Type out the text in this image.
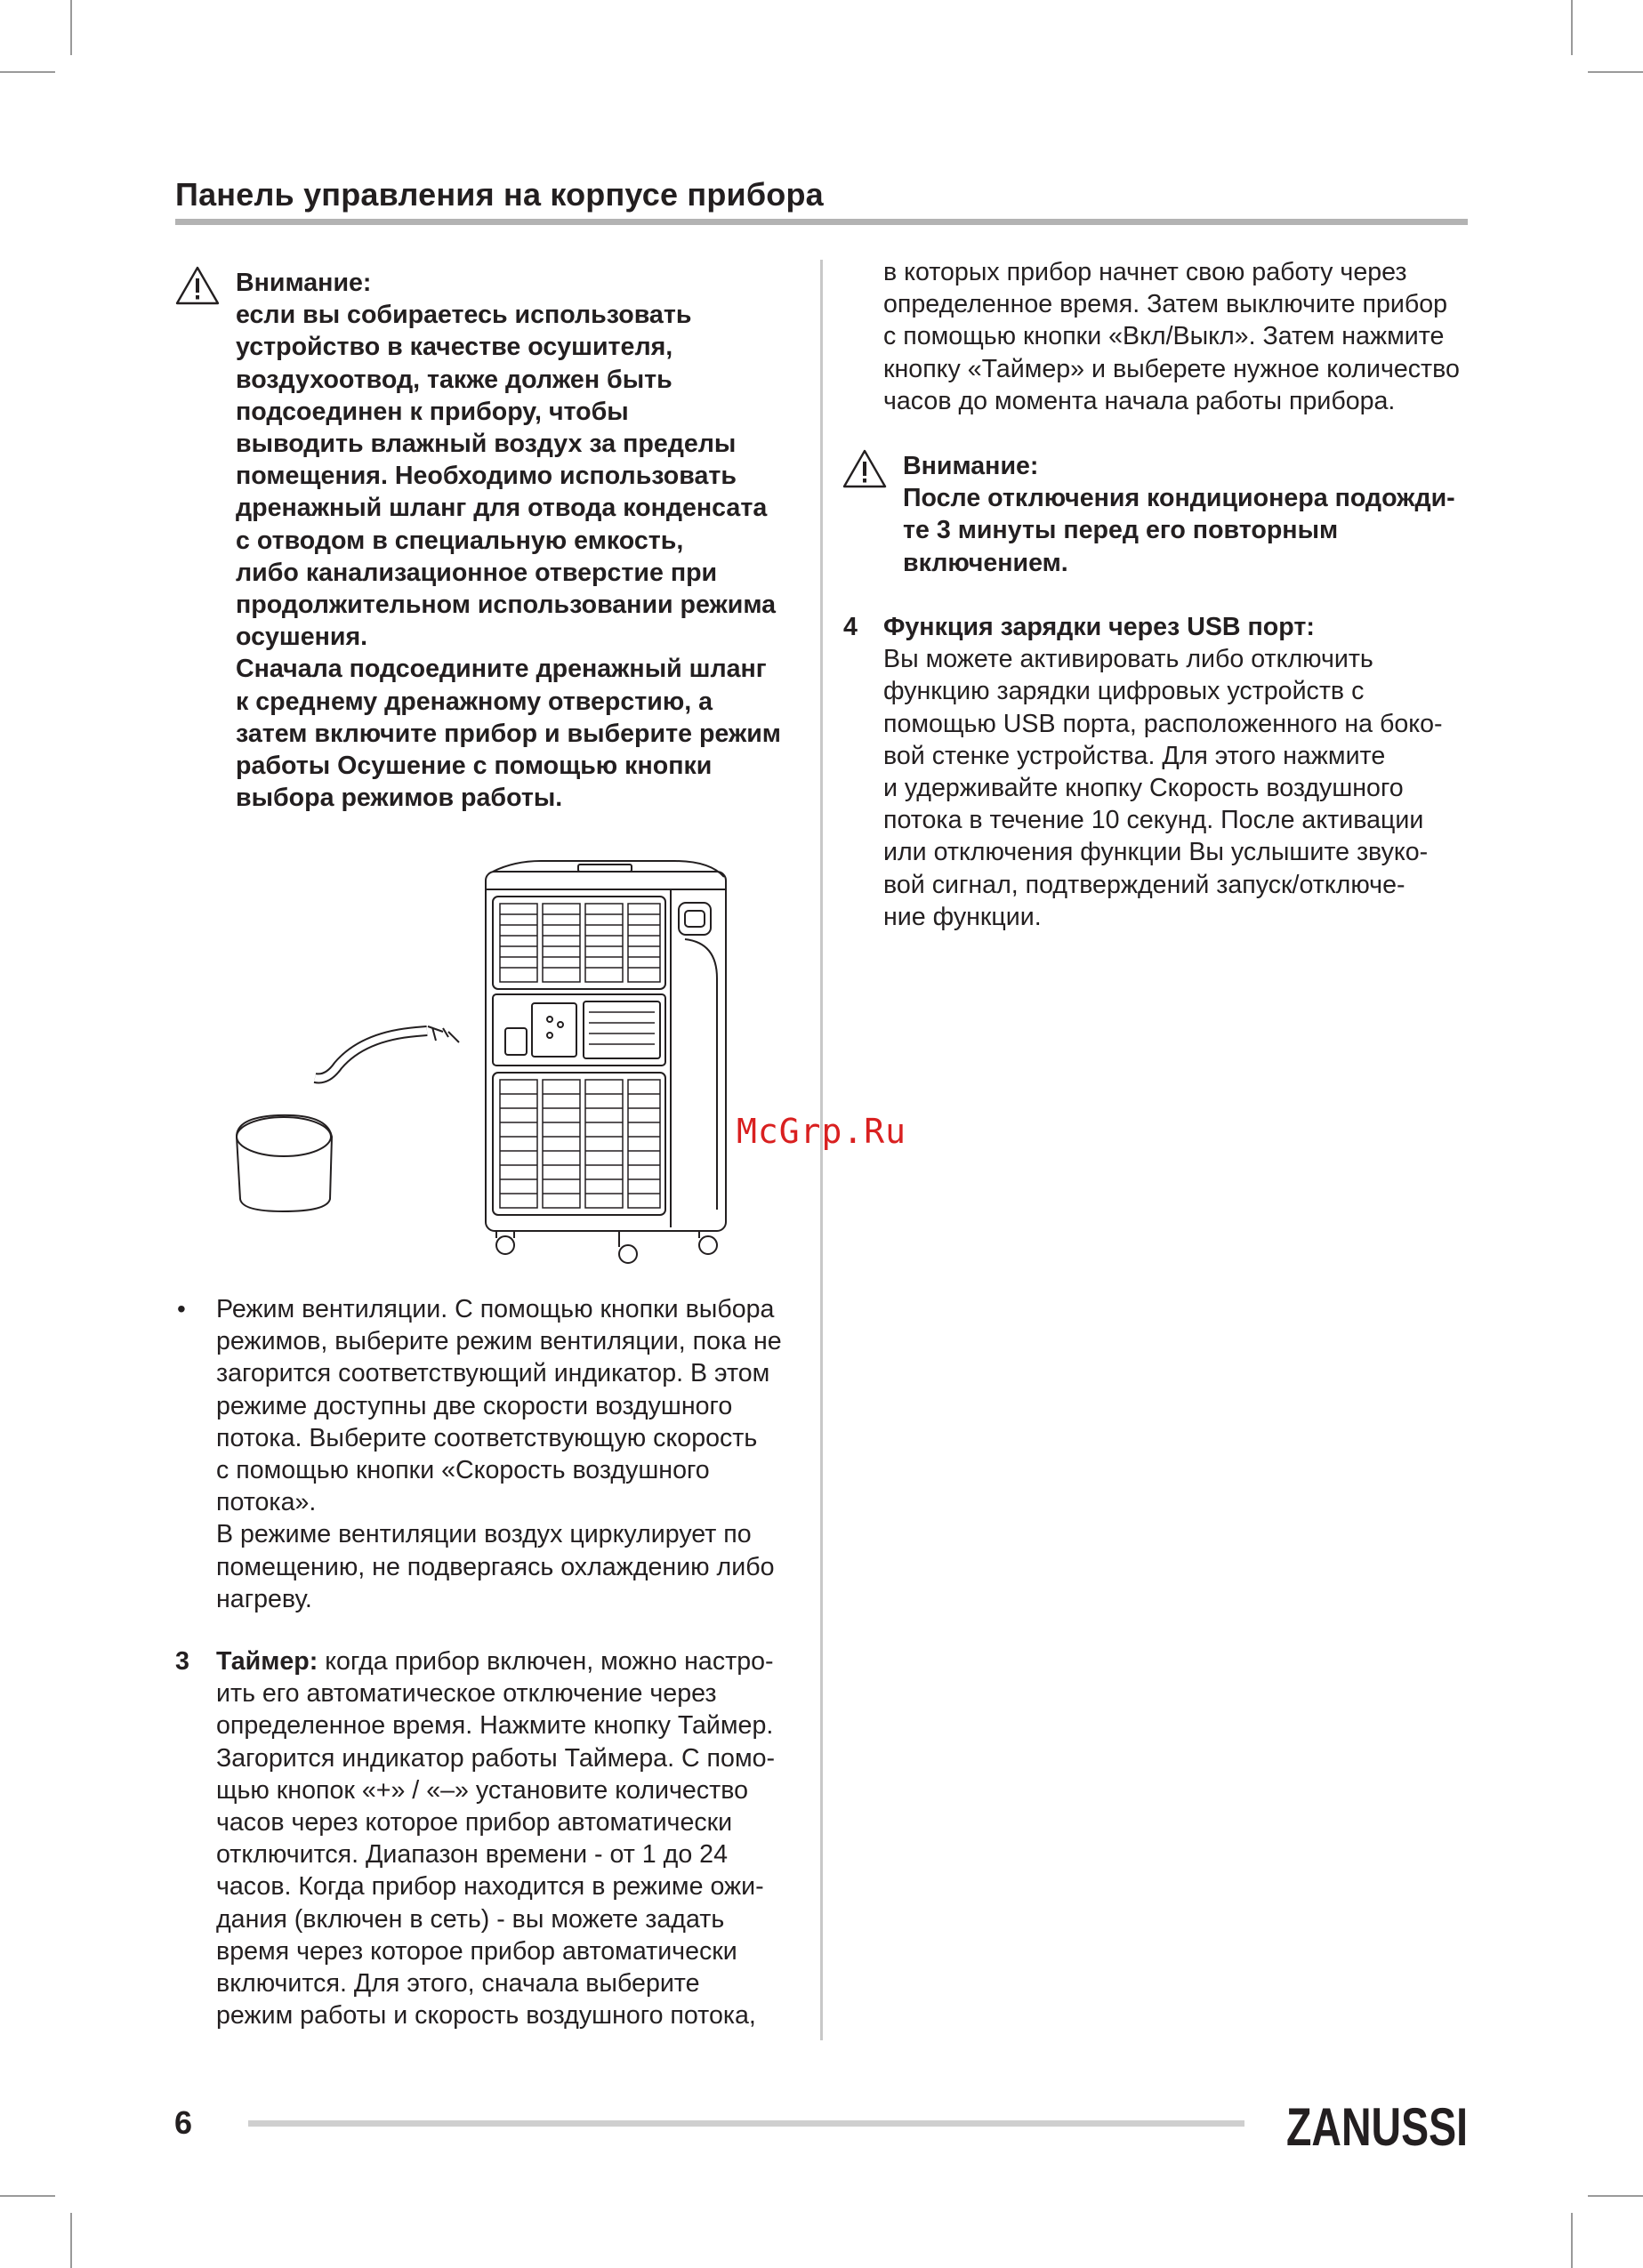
Панель управления на корпусе прибора
Внимание:
если вы собираетесь использовать
устройство в качестве осушителя,
воздухоотвод, также должен быть
подсоединен к прибору, чтобы
выводить влажный воздух за пределы
помещения. Необходимо использовать
дренажный шланг для отвода конденсата
с отводом в специальную емкость,
либо канализационное отверстие при
продолжительном использовании режима
осушения.
Сначала подсоедините дренажный шланг
к среднему дренажному отверстию, а
затем включите прибор и выберите режим
работы Осушение с помощью кнопки
выбора режимов работы.
McGrp.Ru
• Режим вентиляции. С помощью кнопки выбора

режимов, выберите режим вентиляции, пока не

загорится соответствующий индикатор. В этом

режиме доступны две скорости воздушного

потока. Выберите соответствующую скорость

с помощью кнопки «Скорость воздушного

потока».

В режиме вентиляции воздух циркулирует по

помещению, не подвергаясь охлаждению либо

нагреву.

3 Таймер: когда прибор включен, можно настро-

ить его автоматическое отключение через

определенное время. Нажмите кнопку Таймер.

Загорится индикатор работы Таймера. С помо-

щью кнопок «+» / «–» установите количество

часов через которое прибор автоматически

отключится. Диапазон времени - от 1 до 24

часов. Когда прибор находится в режиме ожи-

дания (включен в сеть) - вы можете задать

время через которое прибор автоматически

включится. Для этого, сначала выберите

режим работы и скорость воздушного потока,

в которых прибор начнет свою работу через

определенное время. Затем выключите прибор

с помощью кнопки «Вкл/Выкл». Затем нажмите

кнопку «Таймер» и выберете нужное количество

часов до момента начала работы прибора.

Внимание:
После отключения кондиционера подожди-
те 3 минуты перед его повторным
включением.
4 Функция зарядки через USB порт:

Вы можете активировать либо отключить

функцию зарядки цифровых устройств с

помощью USB порта, расположенного на боко-

вой стенке устройства. Для этого нажмите

и удерживайте кнопку Скорость воздушного

потока в течение 10 секунд. После активации

или отключения функции Вы услышите звуко-

вой сигнал, подтверждений запуск/отключе-

ние функции.

6	ZANUSSI
